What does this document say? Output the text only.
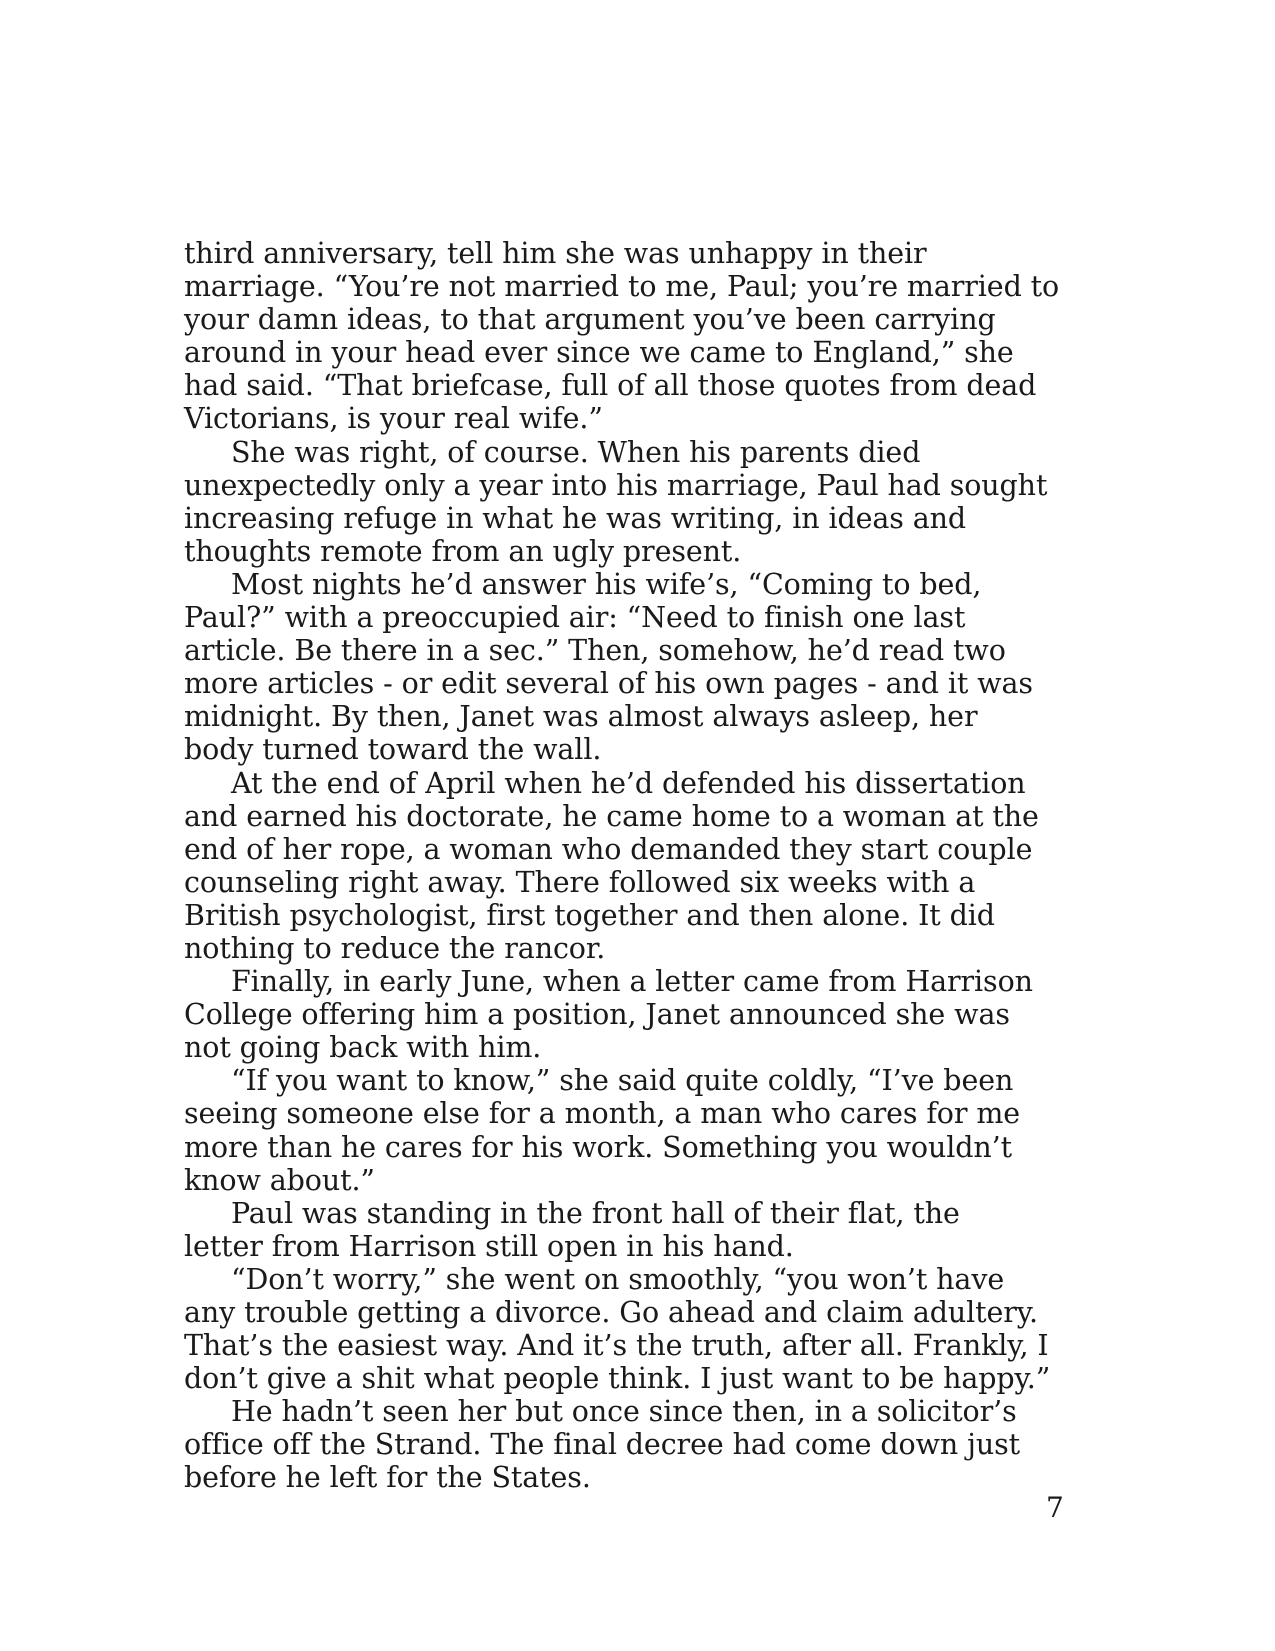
third anniversary, tell him she was unhappy in their
marriage. “You’re not married to me, Paul; you’re married to
your damn ideas, to that argument you’ve been carrying
around in your head ever since we came to England,” she
had said. “That briefcase, full of all those quotes from dead
Victorians, is your real wife.”
She was right, of course. When his parents died
unexpectedly only a year into his marriage, Paul had sought
increasing refuge in what he was writing, in ideas and
thoughts remote from an ugly present.
Most nights he’d answer his wife’s, “Coming to bed,
Paul?” with a preoccupied air: “Need to finish one last
article. Be there in a sec.” Then, somehow, he’d read two
more articles - or edit several of his own pages - and it was
midnight. By then, Janet was almost always asleep, her
body turned toward the wall.
At the end of April when he’d defended his dissertation
and earned his doctorate, he came home to a woman at the
end of her rope, a woman who demanded they start couple
counseling right away. There followed six weeks with a
British psychologist, first together and then alone. It did
nothing to reduce the rancor.
Finally, in early June, when a letter came from Harrison
College offering him a position, Janet announced she was
not going back with him.
“If you want to know,” she said quite coldly, “I’ve been
seeing someone else for a month, a man who cares for me
more than he cares for his work. Something you wouldn’t
know about.”
Paul was standing in the front hall of their flat, the
letter from Harrison still open in his hand.
“Don’t worry,” she went on smoothly, “you won’t have
any trouble getting a divorce. Go ahead and claim adultery.
That’s the easiest way. And it’s the truth, after all. Frankly, I
don’t give a shit what people think. I just want to be happy.”
He hadn’t seen her but once since then, in a solicitor’s
office off the Strand. The final decree had come down just
before he left for the States.
7
